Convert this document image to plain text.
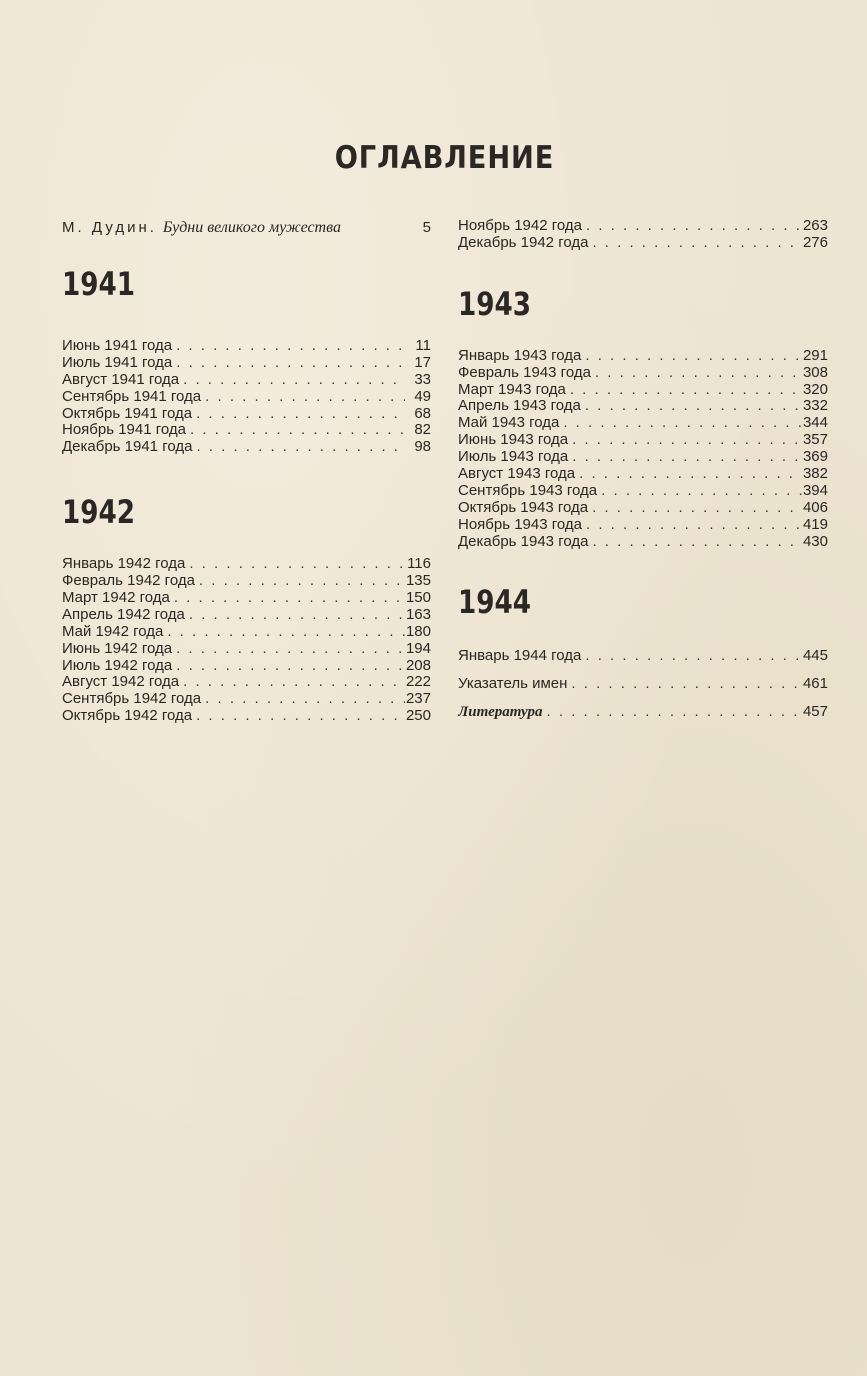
ОГЛАВЛЕНИЕ
М. Дудин. Будни великого мужества	5
1941
Июнь 1941 года . . .	11
Июль 1941 года . . .	17
Август 1941 года . . .	33
Сентябрь 1941 года . . .	49
Октябрь 1941 года . . .	68
Ноябрь 1941 года . . .	82
Декабрь 1941 года . . .	98
1942
Январь 1942 года . . .	116
Февраль 1942 года . . .	135
Март 1942 года . . .	150
Апрель 1942 года . . .	163
Май 1942 года . . .	180
Июнь 1942 года . . .	194
Июль 1942 года . . .	208
Август 1942 года . . .	222
Сентябрь 1942 года . . .	237
Октябрь 1942 года . . .	250
Ноябрь 1942 года . . .	263
Декабрь 1942 года . . .	276
1943
Январь 1943 года . . .	291
Февраль 1943 года . . .	308
Март 1943 года . . .	320
Апрель 1943 года . . .	332
Май 1943 года . . .	344
Июнь 1943 года . . .	357
Июль 1943 года . . .	369
Август 1943 года . . .	382
Сентябрь 1943 года . . .	394
Октябрь 1943 года . . .	406
Ноябрь 1943 года . . .	419
Декабрь 1943 года . . .	430
1944
Январь 1944 года . . .	445
Указатель имен . . .	461
Литература . . .	457
